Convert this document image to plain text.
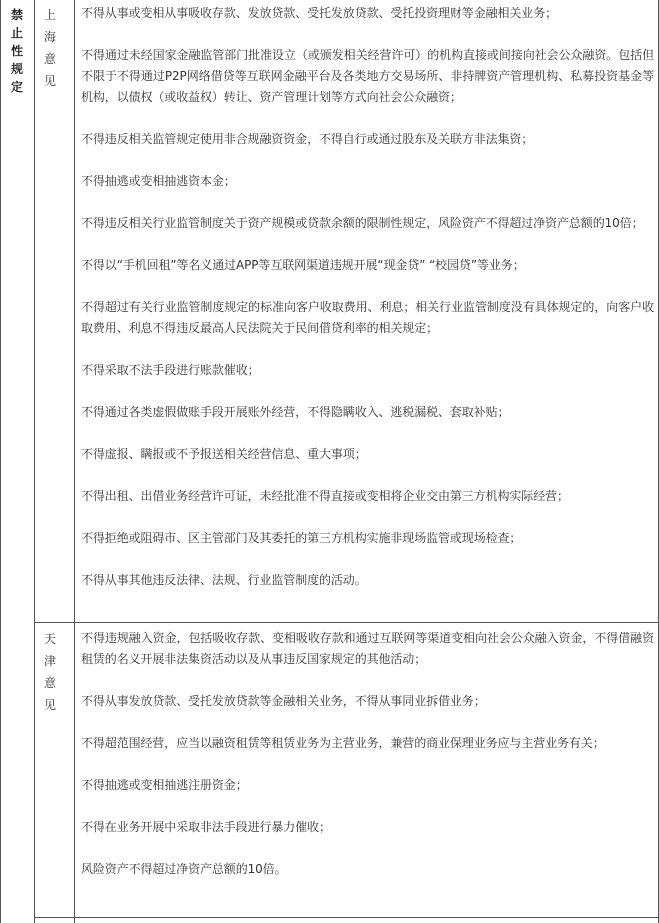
禁止性规定
上海意见

不得从事或变相从事吸收存款、发放贷款、受托发放贷款、受托投资理财等金融相关业务；

不得通过未经国家金融监管部门批准设立（或颁发相关经营许可）的机构直接或间接向社会公众融资。包括但不限于不得通过P2P网络借贷等互联网金融平台及各类地方交易场所、非持牌资产管理机构、私募投资基金等机构，以债权（或收益权）转让、资产管理计划等方式向社会公众融资；

不得违反相关监管规定使用非合规融资资金，不得自行或通过股东及关联方非法集资；

不得抽逃或变相抽逃资本金；

不得违反相关行业监管制度关于资产规模或贷款余额的限制性规定，风险资产不得超过净资产总额的10倍；

不得以“手机回租”等名义通过APP等互联网渠道违规开展“现金贷” “校园贷”等业务；

不得超过有关行业监管制度规定的标准向客户收取费用、利息；相关行业监管制度没有具体规定的，向客户收取费用、利息不得违反最高人民法院关于民间借贷利率的相关规定；

不得采取不法手段进行账款催收；

不得通过各类虚假做账手段开展账外经营，不得隐瞒收入、逃税漏税、套取补贴；

不得虚报、瞒报或不予报送相关经营信息、重大事项；

不得出租、出借业务经营许可证，未经批准不得直接或变相将企业交由第三方机构实际经营；

不得拒绝或阻碍市、区主管部门及其委托的第三方机构实施非现场监管或现场检查；

不得从事其他违反法律、法规、行业监管制度的活动。

天津意见

不得违规融入资金，包括吸收存款、变相吸收存款和通过互联网等渠道变相向社会公众融入资金，不得借融资租赁的名义开展非法集资活动以及从事违反国家规定的其他活动；

不得从事发放贷款、受托发放贷款等金融相关业务，不得从事同业拆借业务；

不得超范围经营，应当以融资租赁等租赁业务为主营业务，兼营的商业保理业务应与主营业务有关；

不得抽逃或变相抽逃注册资金；

不得在业务开展中采取非法手段进行暴力催收；

风险资产不得超过净资产总额的10倍。
